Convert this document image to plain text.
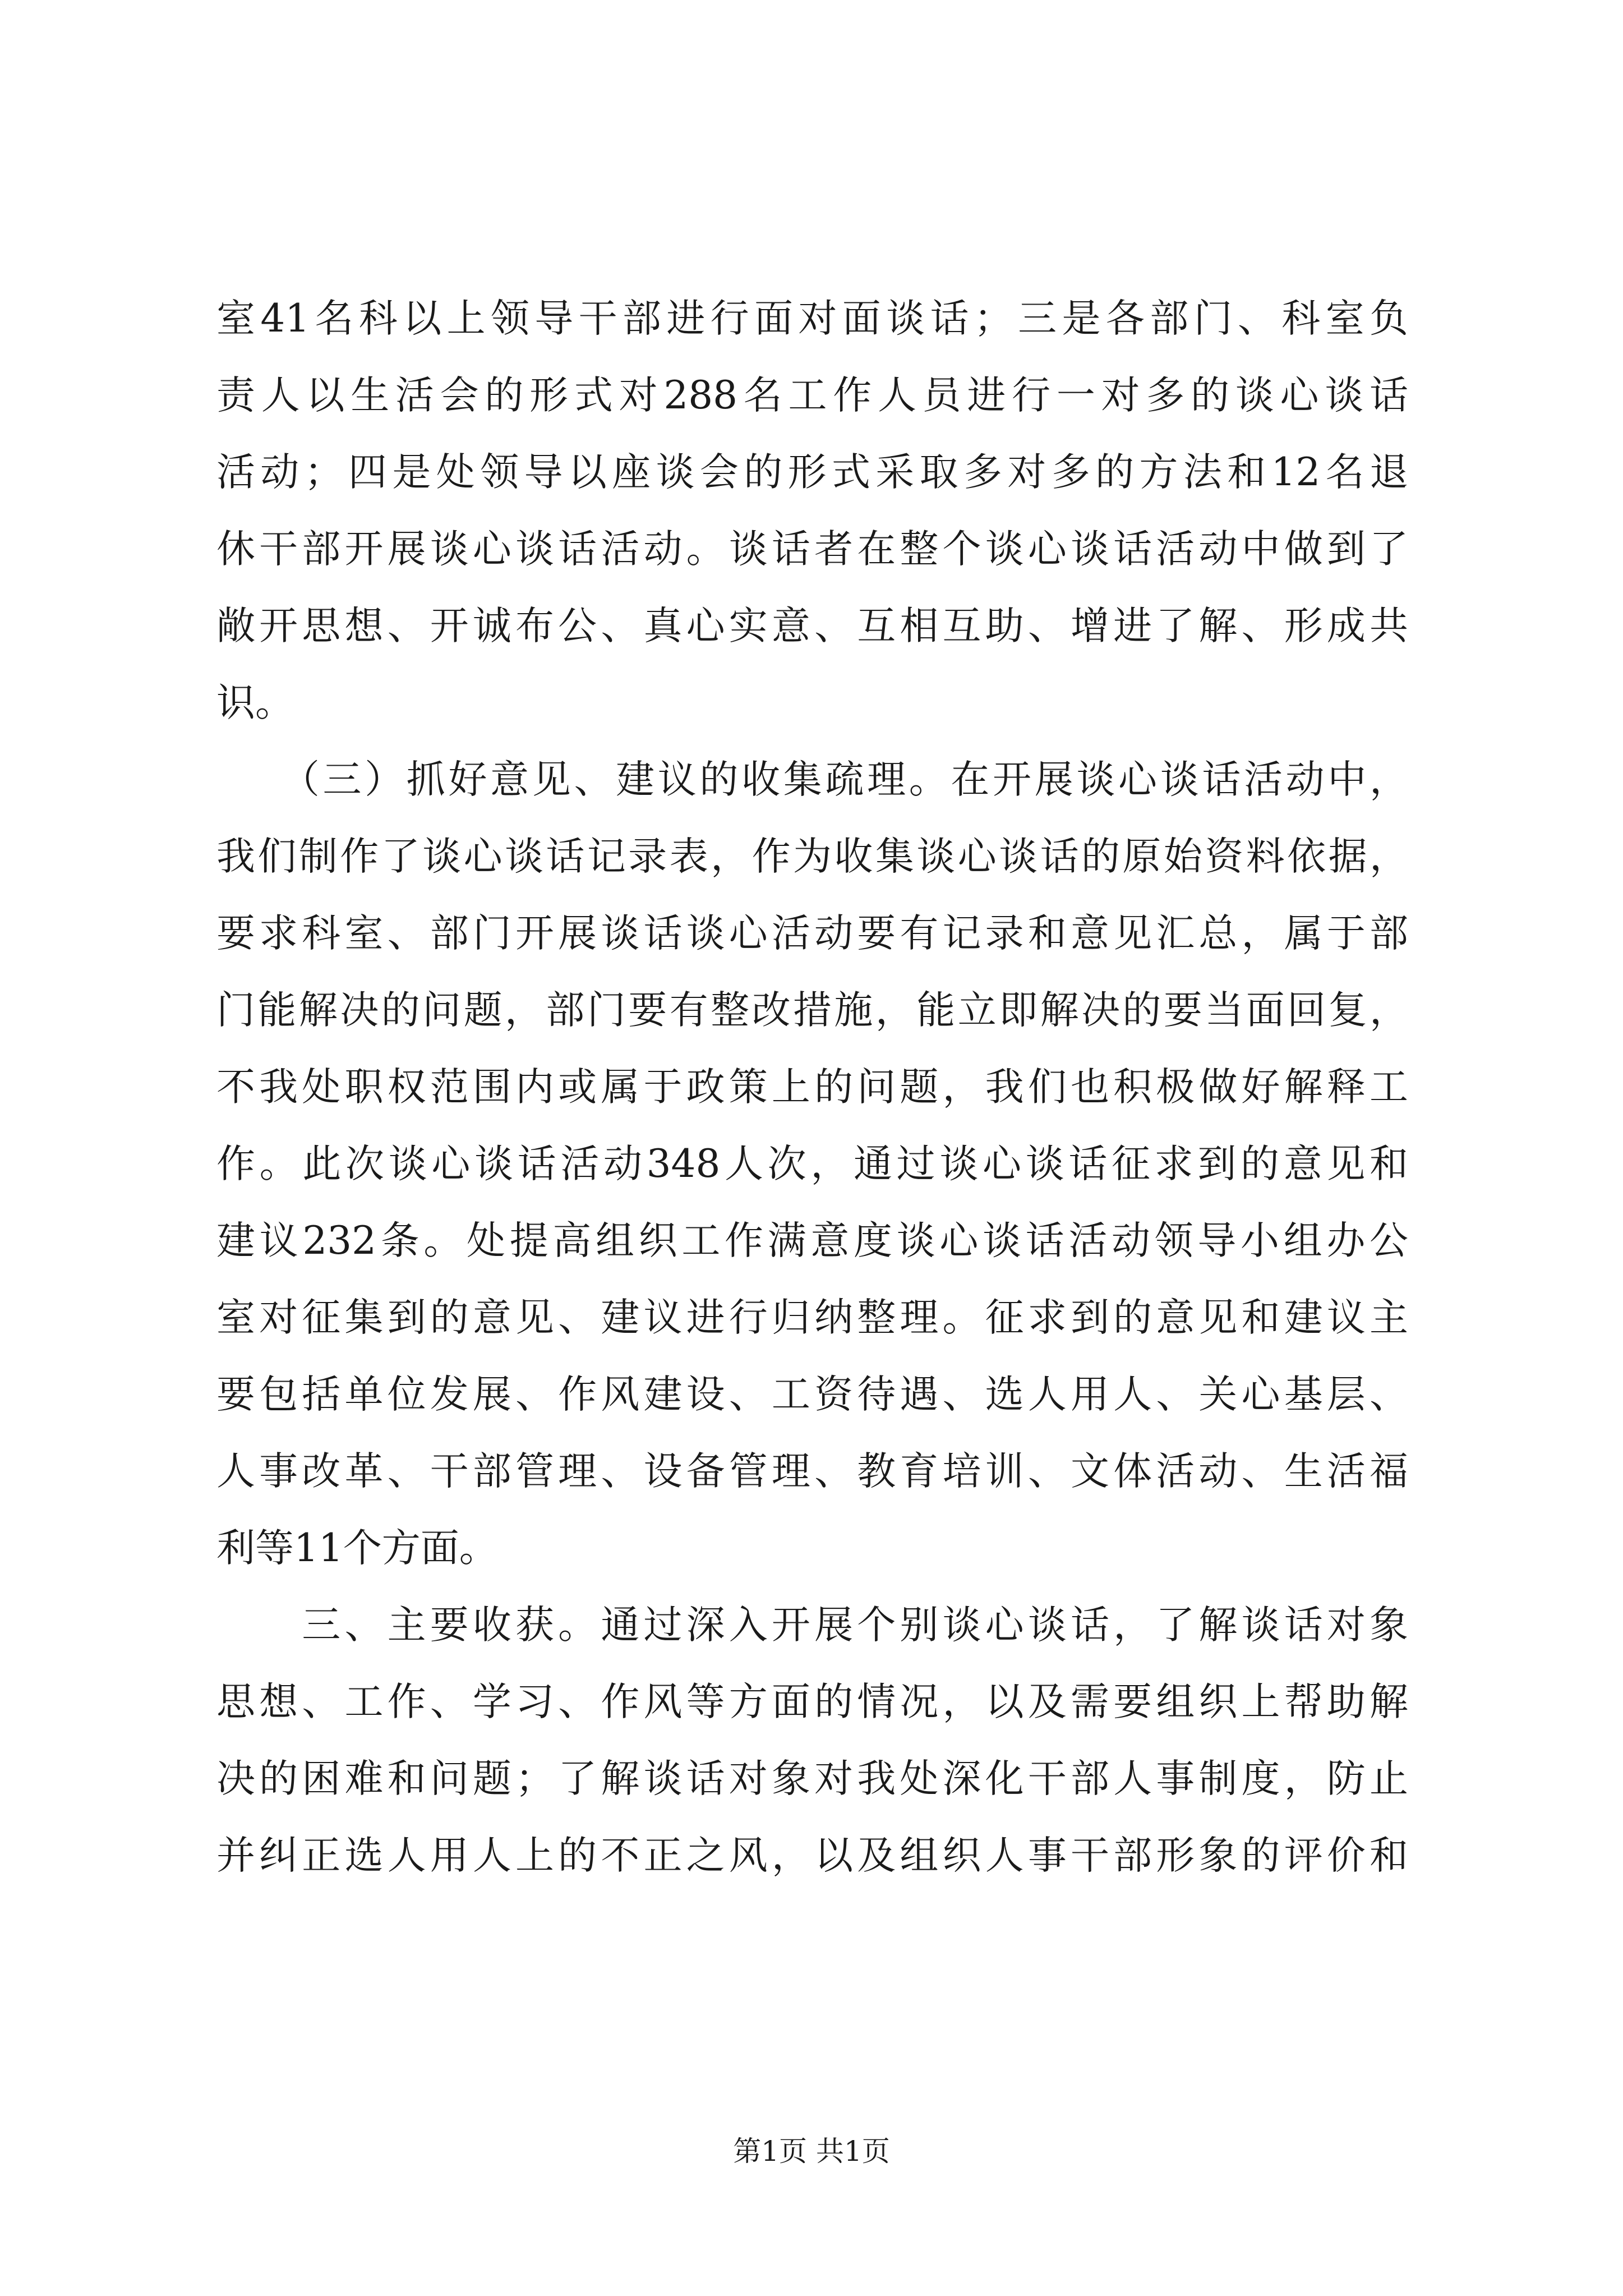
室41名科以上领导干部进行面对面谈话；三是各部门、科室负
责人以生活会的形式对288名工作人员进行一对多的谈心谈话
活动；四是处领导以座谈会的形式采取多对多的方法和12名退
休干部开展谈心谈话活动。谈话者在整个谈心谈话活动中做到了
敞开思想、开诚布公、真心实意、互相互助、增进了解、形成共
识。
　　（三）抓好意见、建议的收集疏理。在开展谈心谈话活动中，
我们制作了谈心谈话记录表，作为收集谈心谈话的原始资料依据，
要求科室、部门开展谈话谈心活动要有记录和意见汇总，属于部
门能解决的问题，部门要有整改措施，能立即解决的要当面回复，
不我处职权范围内或属于政策上的问题，我们也积极做好解释工
作。此次谈心谈话活动348人次，通过谈心谈话征求到的意见和
建议232条。处提高组织工作满意度谈心谈话活动领导小组办公
室对征集到的意见、建议进行归纳整理。征求到的意见和建议主
要包括单位发展、作风建设、工资待遇、选人用人、关心基层、
人事改革、干部管理、设备管理、教育培训、文体活动、生活福
利等11个方面。
　　三、主要收获。通过深入开展个别谈心谈话，了解谈话对象
思想、工作、学习、作风等方面的情况，以及需要组织上帮助解
决的困难和问题；了解谈话对象对我处深化干部人事制度，防止
并纠正选人用人上的不正之风，以及组织人事干部形象的评价和
第1页 共1页
